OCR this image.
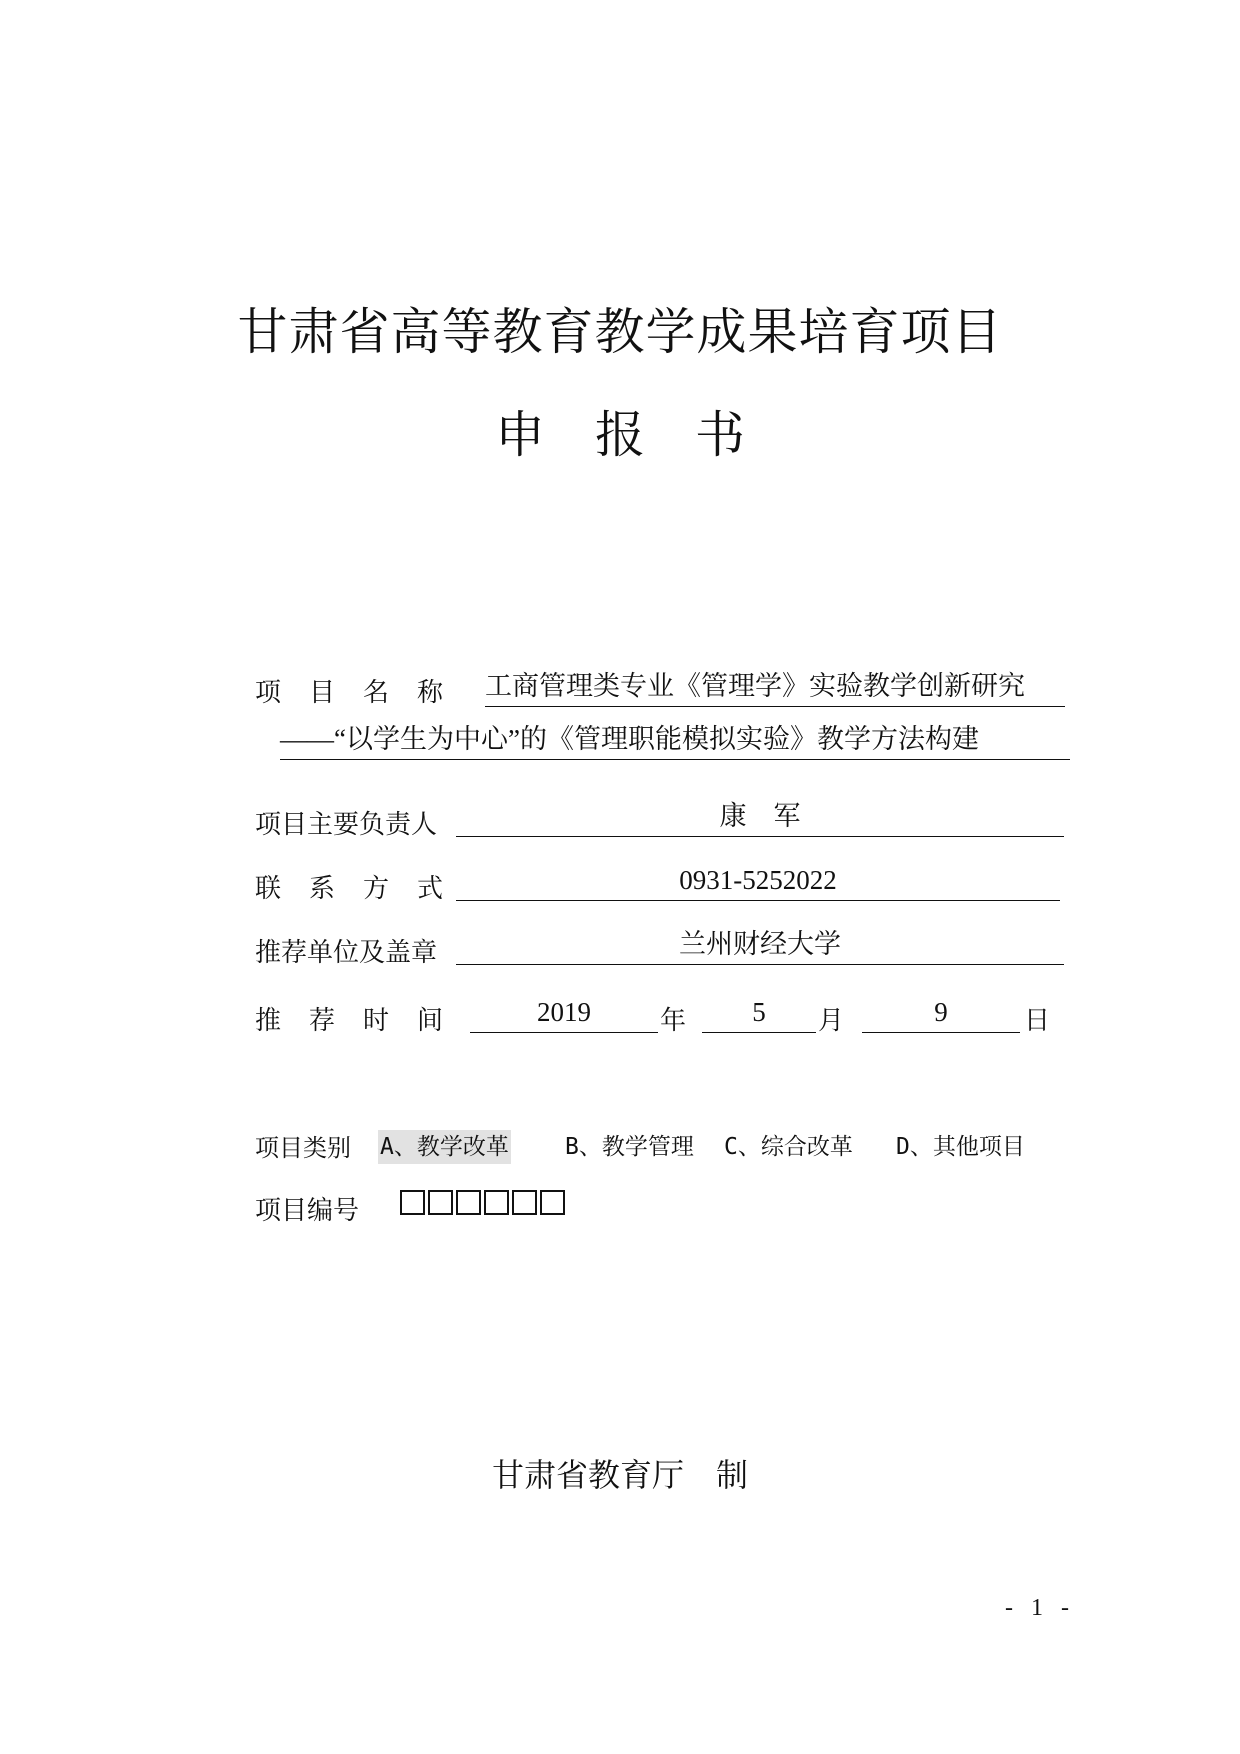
甘肃省高等教育教学成果培育项目
申　报　书
项目名称 工商管理类专业《管理学》实验教学创新研究
——“以学生为中心”的《管理职能模拟实验》教学方法构建
项目主要负责人	康　军
联系方式	0931-5252022
推荐单位及盖章	兰州财经大学
推荐时间	2019	年	5	月	9	日
项目类别 A、教学改革 B、教学管理 C、综合改革 D、其他项目
项目编号
甘肃省教育厅　制
- 1 -
